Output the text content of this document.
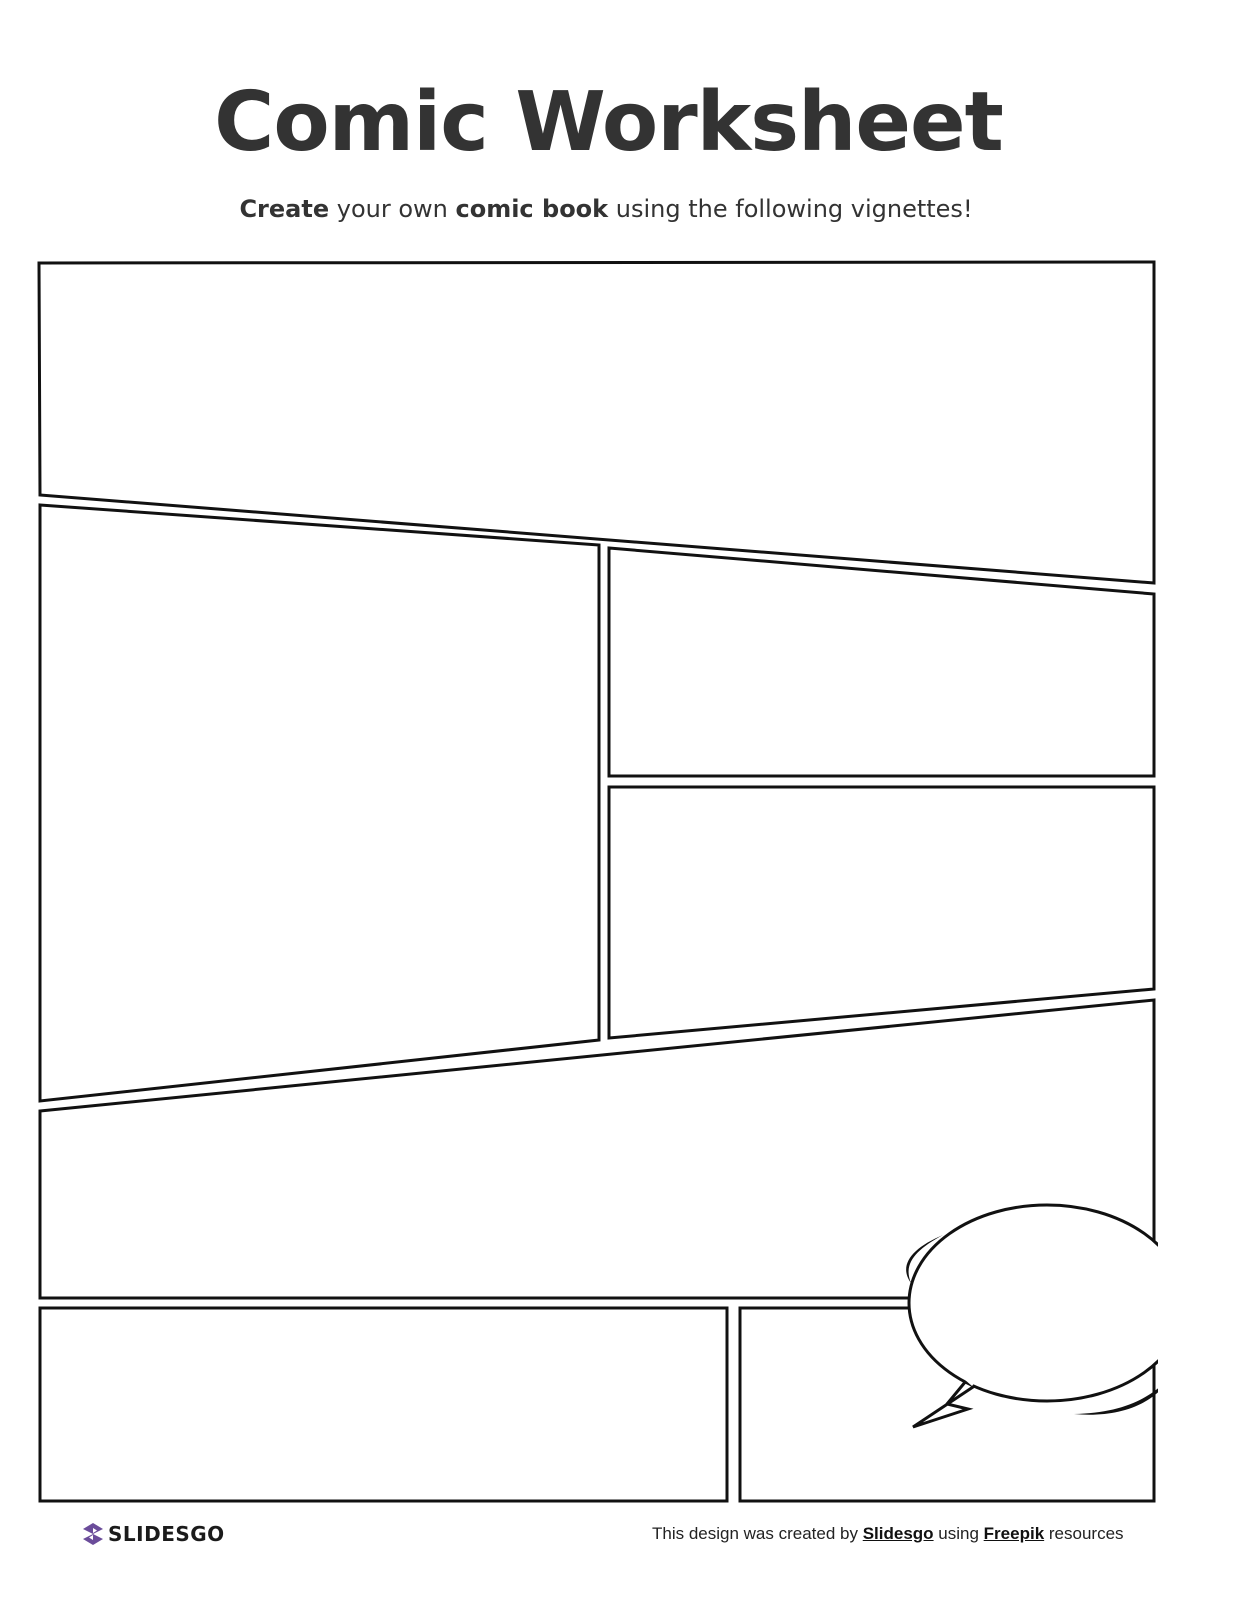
Comic Worksheet

Create your own comic book using the following vignettes!

SLIDESGO	This design was created by Slidesgo using Freepik resources
